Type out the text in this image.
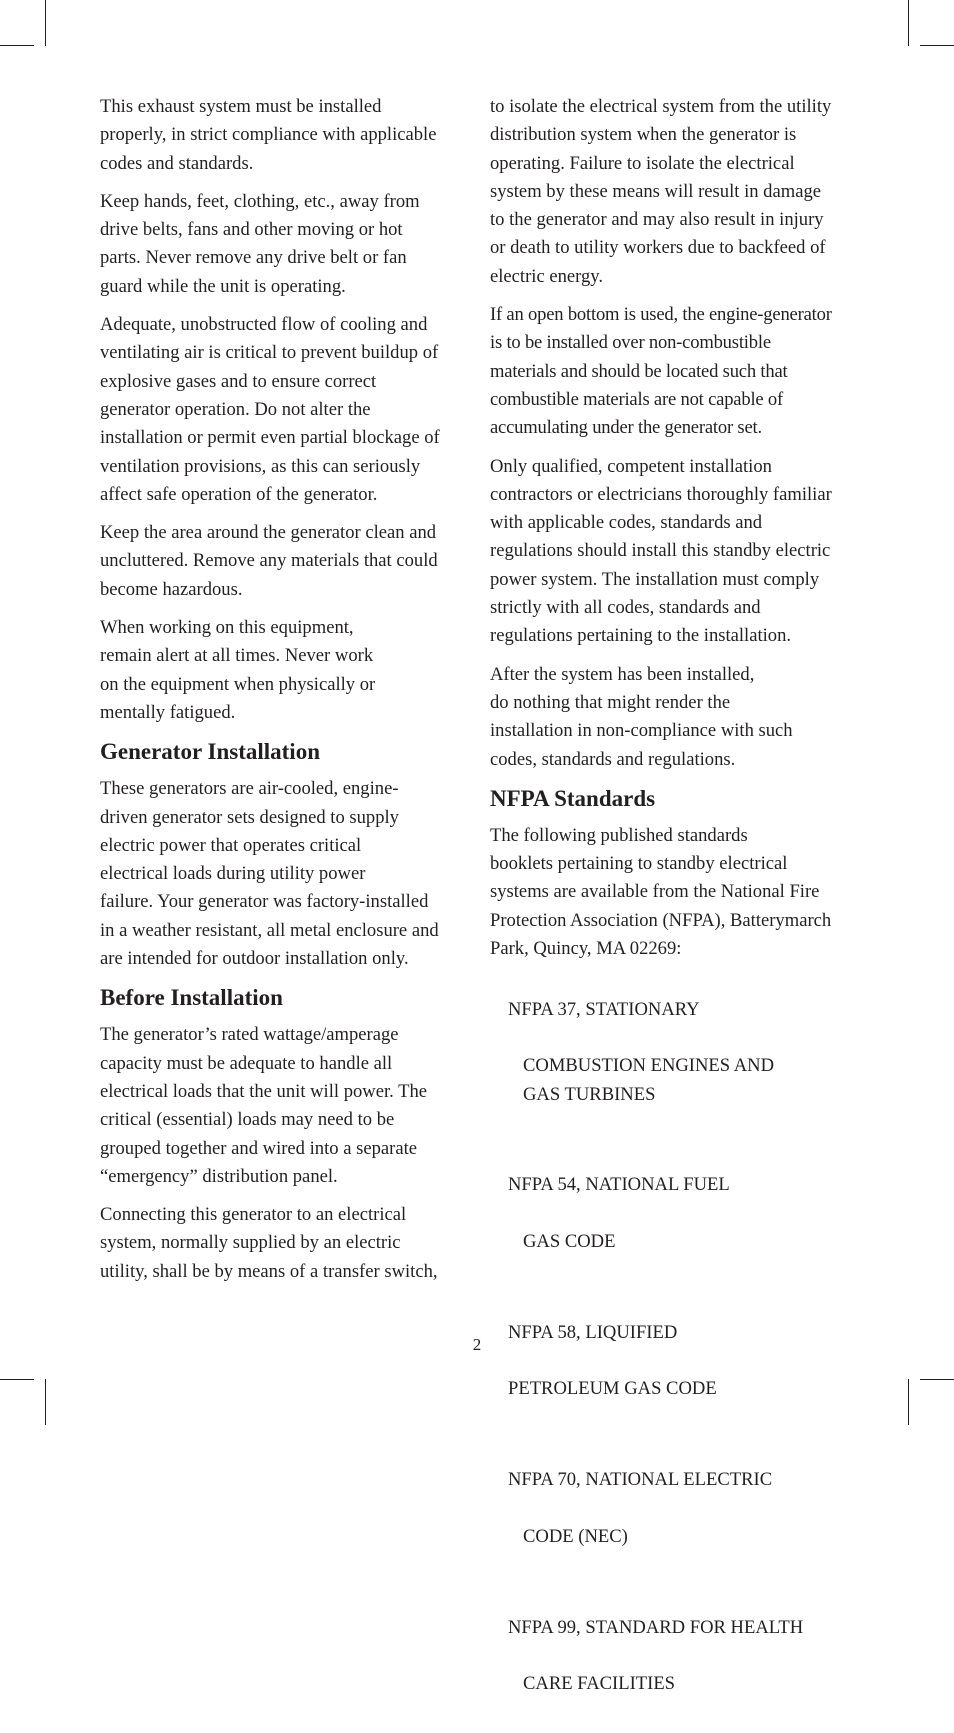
This exhaust system must be installed
properly, in strict compliance with applicable
codes and standards.

Keep hands, feet, clothing, etc., away from
drive belts, fans and other moving or hot
parts. Never remove any drive belt or fan
guard while the unit is operating.

Adequate, unobstructed flow of cooling and
ventilating air is critical to prevent buildup of
explosive gases and to ensure correct
generator operation. Do not alter the
installation or permit even partial blockage of
ventilation provisions, as this can seriously
affect safe operation of the generator.

Keep the area around the generator clean and
uncluttered. Remove any materials that could
become hazardous.

When working on this equipment,
remain alert at all times. Never work
on the equipment when physically or
mentally fatigued.

Generator Installation

These generators are air-cooled, engine-
driven generator sets designed to supply
electric power that operates critical
electrical loads during utility power
failure. Your generator was factory-installed
in a weather resistant, all metal enclosure and
are intended for outdoor installation only.

Before Installation

The generator’s rated wattage/amperage
capacity must be adequate to handle all
electrical loads that the unit will power. The
critical (essential) loads may need to be
grouped together and wired into a separate
“emergency” distribution panel.

Connecting this generator to an electrical
system, normally supplied by an electric
utility, shall be by means of a transfer switch,

to isolate the electrical system from the utility
distribution system when the generator is
operating. Failure to isolate the electrical
system by these means will result in damage
to the generator and may also result in injury
or death to utility workers due to backfeed of
electric energy.

If an open bottom is used, the engine-generator
is to be installed over non-combustible
materials and should be located such that
combustible materials are not capable of
accumulating under the generator set.

Only qualified, competent installation
contractors or electricians thoroughly familiar
with applicable codes, standards and
regulations should install this standby electric
power system. The installation must comply
strictly with all codes, standards and
regulations pertaining to the installation.

After the system has been installed,
do nothing that might render the
installation in non-compliance with such
codes, standards and regulations.

NFPA Standards

The following published standards
booklets pertaining to standby electrical
systems are available from the National Fire
Protection Association (NFPA), Batterymarch
Park, Quincy, MA 02269:

NFPA 37, STATIONARY

COMBUSTION ENGINES AND
GAS TURBINES

NFPA 54, NATIONAL FUEL

GAS CODE

NFPA 58, LIQUIFIED

PETROLEUM GAS CODE

NFPA 70, NATIONAL ELECTRIC

CODE (NEC)

NFPA 99, STANDARD FOR HEALTH

CARE FACILITIES

2
